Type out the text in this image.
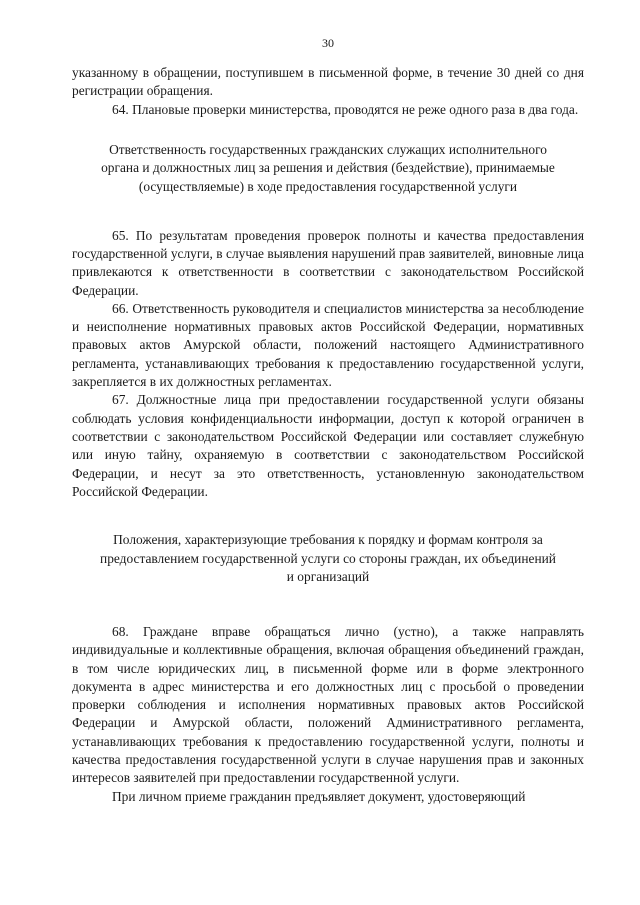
30

указанному в обращении, поступившем в письменной форме, в течение 30 дней со дня регистрации обращения.

64. Плановые проверки министерства, проводятся не реже одного раза в два года.

Ответственность государственных гражданских служащих исполнительного органа и должностных лиц за решения и действия (бездействие), принимаемые (осуществляемые) в ходе предоставления государственной услуги

65. По результатам проведения проверок полноты и качества предоставления государственной услуги, в случае выявления нарушений прав заявителей, виновные лица привлекаются к ответственности в соответствии с законодательством Российской Федерации.

66. Ответственность руководителя и специалистов министерства за несоблюдение и неисполнение нормативных правовых актов Российской Федерации, нормативных правовых актов Амурской области, положений настоящего Административного регламента, устанавливающих требования к предоставлению государственной услуги, закрепляется в их должностных регламентах.

67. Должностные лица при предоставлении государственной услуги обязаны соблюдать условия конфиденциальности информации, доступ к которой ограничен в соответствии с законодательством Российской Федерации или составляет служебную или иную тайну, охраняемую в соответствии с законодательством Российской Федерации, и несут за это ответственность, установленную законодательством Российской Федерации.

Положения, характеризующие требования к порядку и формам контроля за предоставлением государственной услуги со стороны граждан, их объединений и организаций

68. Граждане вправе обращаться лично (устно), а также направлять индивидуальные и коллективные обращения, включая обращения объединений граждан, в том числе юридических лиц, в письменной форме или в форме электронного документа в адрес министерства и его должностных лиц с просьбой о проведении проверки соблюдения и исполнения нормативных правовых актов Российской Федерации и Амурской области, положений Административного регламента, устанавливающих требования к предоставлению государственной услуги, полноты и качества предоставления государственной услуги в случае нарушения прав и законных интересов заявителей при предоставлении государственной услуги.

При личном приеме гражданин предъявляет документ, удостоверяющий
